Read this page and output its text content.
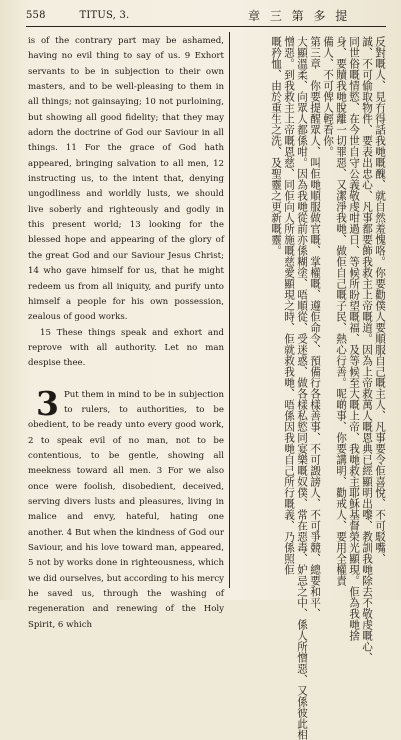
558          TITUS, 3.	章 三 第 多 提

is of the contrary part may be ashamed, having no evil thing to say of us. 9 Exhort servants to be in subjection to their own masters, and to be well-pleasing to them in all things; not gainsaying; 10 not purloining, but showing all good fidelity; that they may adorn the doctrine of God our Saviour in all things. 11 For the grace of God hath appeared, bringing salvation to all men, 12 instructing us, to the intent that, denying ungodliness and worldly lusts, we should live soberly and righteously and godly in this present world; 13 looking for the blessed hope and appearing of the glory of the great God and our Saviour Jesus Christ; 14 who gave himself for us, that he might redeem us from all iniquity, and purify unto himself a people for his own possession, zealous of good works.

15 These things speak and exhort and reprove with all authority. Let no man despise thee.

3 Put them in mind to be in subjection to rulers, to authorities, to be obedient, to be ready unto every good work, 2 to speak evil of no man, not to be contentious, to be gentle, showing all meekness toward all men. 3 For we also once were foolish, disobedient, deceived, serving divers lusts and pleasures, living in malice and envy, hateful, hating one another. 4 But when the kindness of God our Saviour, and his love toward man, appeared, 5 not by works done in righteousness, which we did ourselves, but according to his mercy he saved us, through the washing of regeneration and renewing of the Holy Spirit, 6 which

反對嘅人、見冇得話我哋嘅醜、就自然羞愧咯。你要勸僕人要順服自己嘅主人、凡事要令佢喜悅、不可駁嘴、
誠、不可偷取物件、要表出忠心、凡事都要飾我救主上帝嘅道。因為上帝救萬人嘅恩典已經顯明出嚟、教訓我哋除去不敬虔嘅心、
同世俗嘅情慾、在今世自守公義敬虔咁過日、等候所盼望嘅福、及等候至大嘅上帝、我哋救主耶穌基督榮光顯現。佢為我哋捨
身、要贖我哋脫離一切罪惡、又潔淨我哋、做佢自己嘅子民、熱心行善。呢啲事、你要講明、勸戒人、要用全權責
備人、不可俾人輕看你。
第三章　你要提醒眾人、叫佢哋順服做官嘅、掌權嘅、遵佢命令、預備行各樣善事、不可譭謗人、不可爭競、總要和平、
大顯溫柔、向眾人都係咁。因為我哋從前亦係糊塗、唔順從、受迷惑、做各樣私慾同宴樂嘅奴僕、常在惡毒、妒忌之中、係人所憎惡、又係彼此相
憎惡。到我救主上帝嘅恩慈、同佢向人所施嘅慈愛顯現之時、佢就救我哋、唔係因我哋自己所行嘅義、乃係照佢
嘅矜恤、由於重生之洗、及聖靈之更新嘅靈。
